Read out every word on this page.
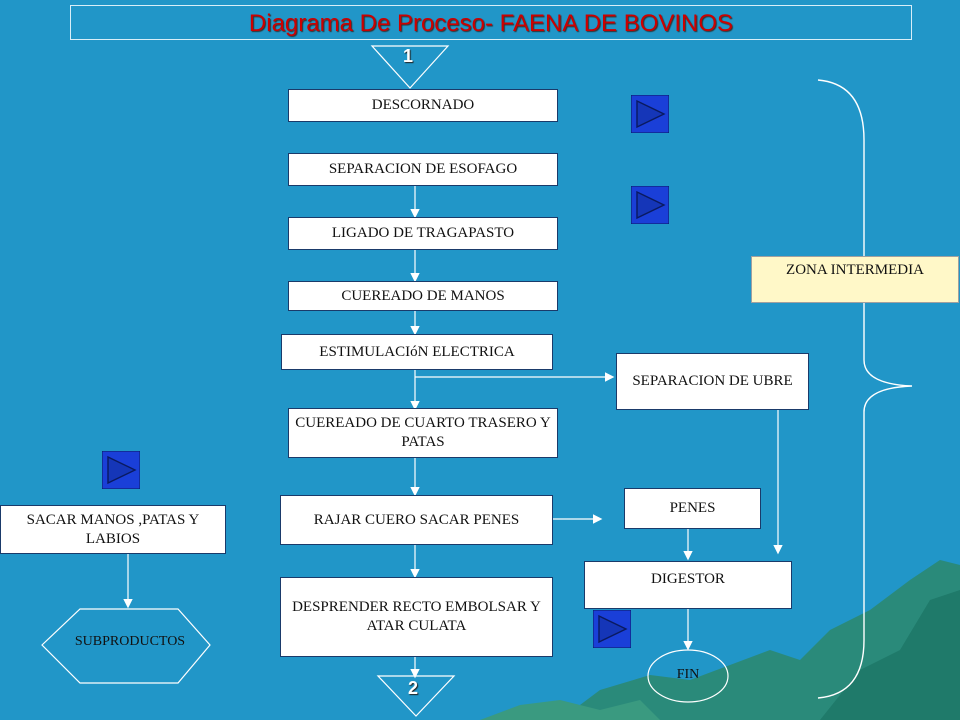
Diagrama De Proceso- FAENA DE BOVINOS
1
2
DESCORNADO
SEPARACION DE ESOFAGO
LIGADO DE TRAGAPASTO
CUEREADO DE MANOS
ESTIMULACIóN ELECTRICA
CUEREADO DE CUARTO TRASERO Y PATAS
RAJAR CUERO SACAR PENES
DESPRENDER RECTO EMBOLSAR Y ATAR CULATA
SEPARACION DE UBRE
PENES
DIGESTOR
SACAR MANOS ,PATAS Y LABIOS
SUBPRODUCTOS
FIN
ZONA INTERMEDIA
